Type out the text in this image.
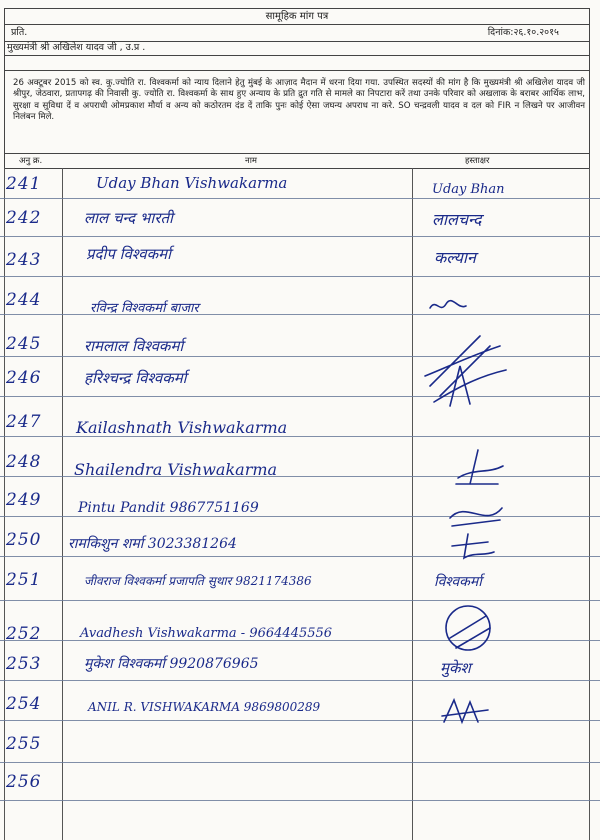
सामूहिक मांग पत्र
प्रति.	दिनांक:२६.१०.२०१५
मुख्यमंत्री श्री अखिलेश यादव जी , उ.प्र .
26 अक्टूबर 2015 को स्व. कु.ज्योति रा. विश्वकर्मा को न्याय दिलाने हेतु मुंबई के आज़ाद मैदान में धरना दिया गया. उपस्थित सदस्यों की मांग है कि मुख्यमंत्री श्री अखिलेश यादव जी श्रीपुर, जेठवारा, प्रतापगढ़ की निवासी कु. ज्योति रा. विश्वकर्मा के साथ हुए अन्याय के प्रति द्रुत गति से मामले का निपटारा करें तथा उनके परिवार को अखलाक के बराबर आर्थिक लाभ, सुरक्षा व सुविधा दें व अपराधी ओमप्रकाश मौर्या व अन्य को कठोरतम दंड दें ताकि पुनः कोई ऐसा जघन्य अपराध ना करे. SO चन्द्रवली यादव व दल को FIR न लिखने पर आजीवन निलंबन मिले.
अनु क्र.	नाम	हस्ताक्षर
241	Uday Bhan Vishwakarma	Uday Bhan
242	लाल चन्द भारती	लालचन्द
243	प्रदीप विश्वकर्मा	कल्यान
244	रविन्द्र विश्वकर्मा बाजार
245	रामलाल विश्वकर्मा
246	हरिश्चन्द्र विश्वकर्मा
247 Kailashnath Vishwakarma
248 Shailendra Vishwakarma
249	Pintu Pandit 9867751169
250 रामकिशुन शर्मा 3023381264
251	जीवराज विश्वकर्मा प्रजापति सुथार 9821174386	विश्वकर्मा
252	Avadhesh Vishwakarma - 9664445556
253	मुकेश विश्वकर्मा 9920876965	मुकेश
254	ANIL R. VISHWAKARMA 9869800289
255
256
